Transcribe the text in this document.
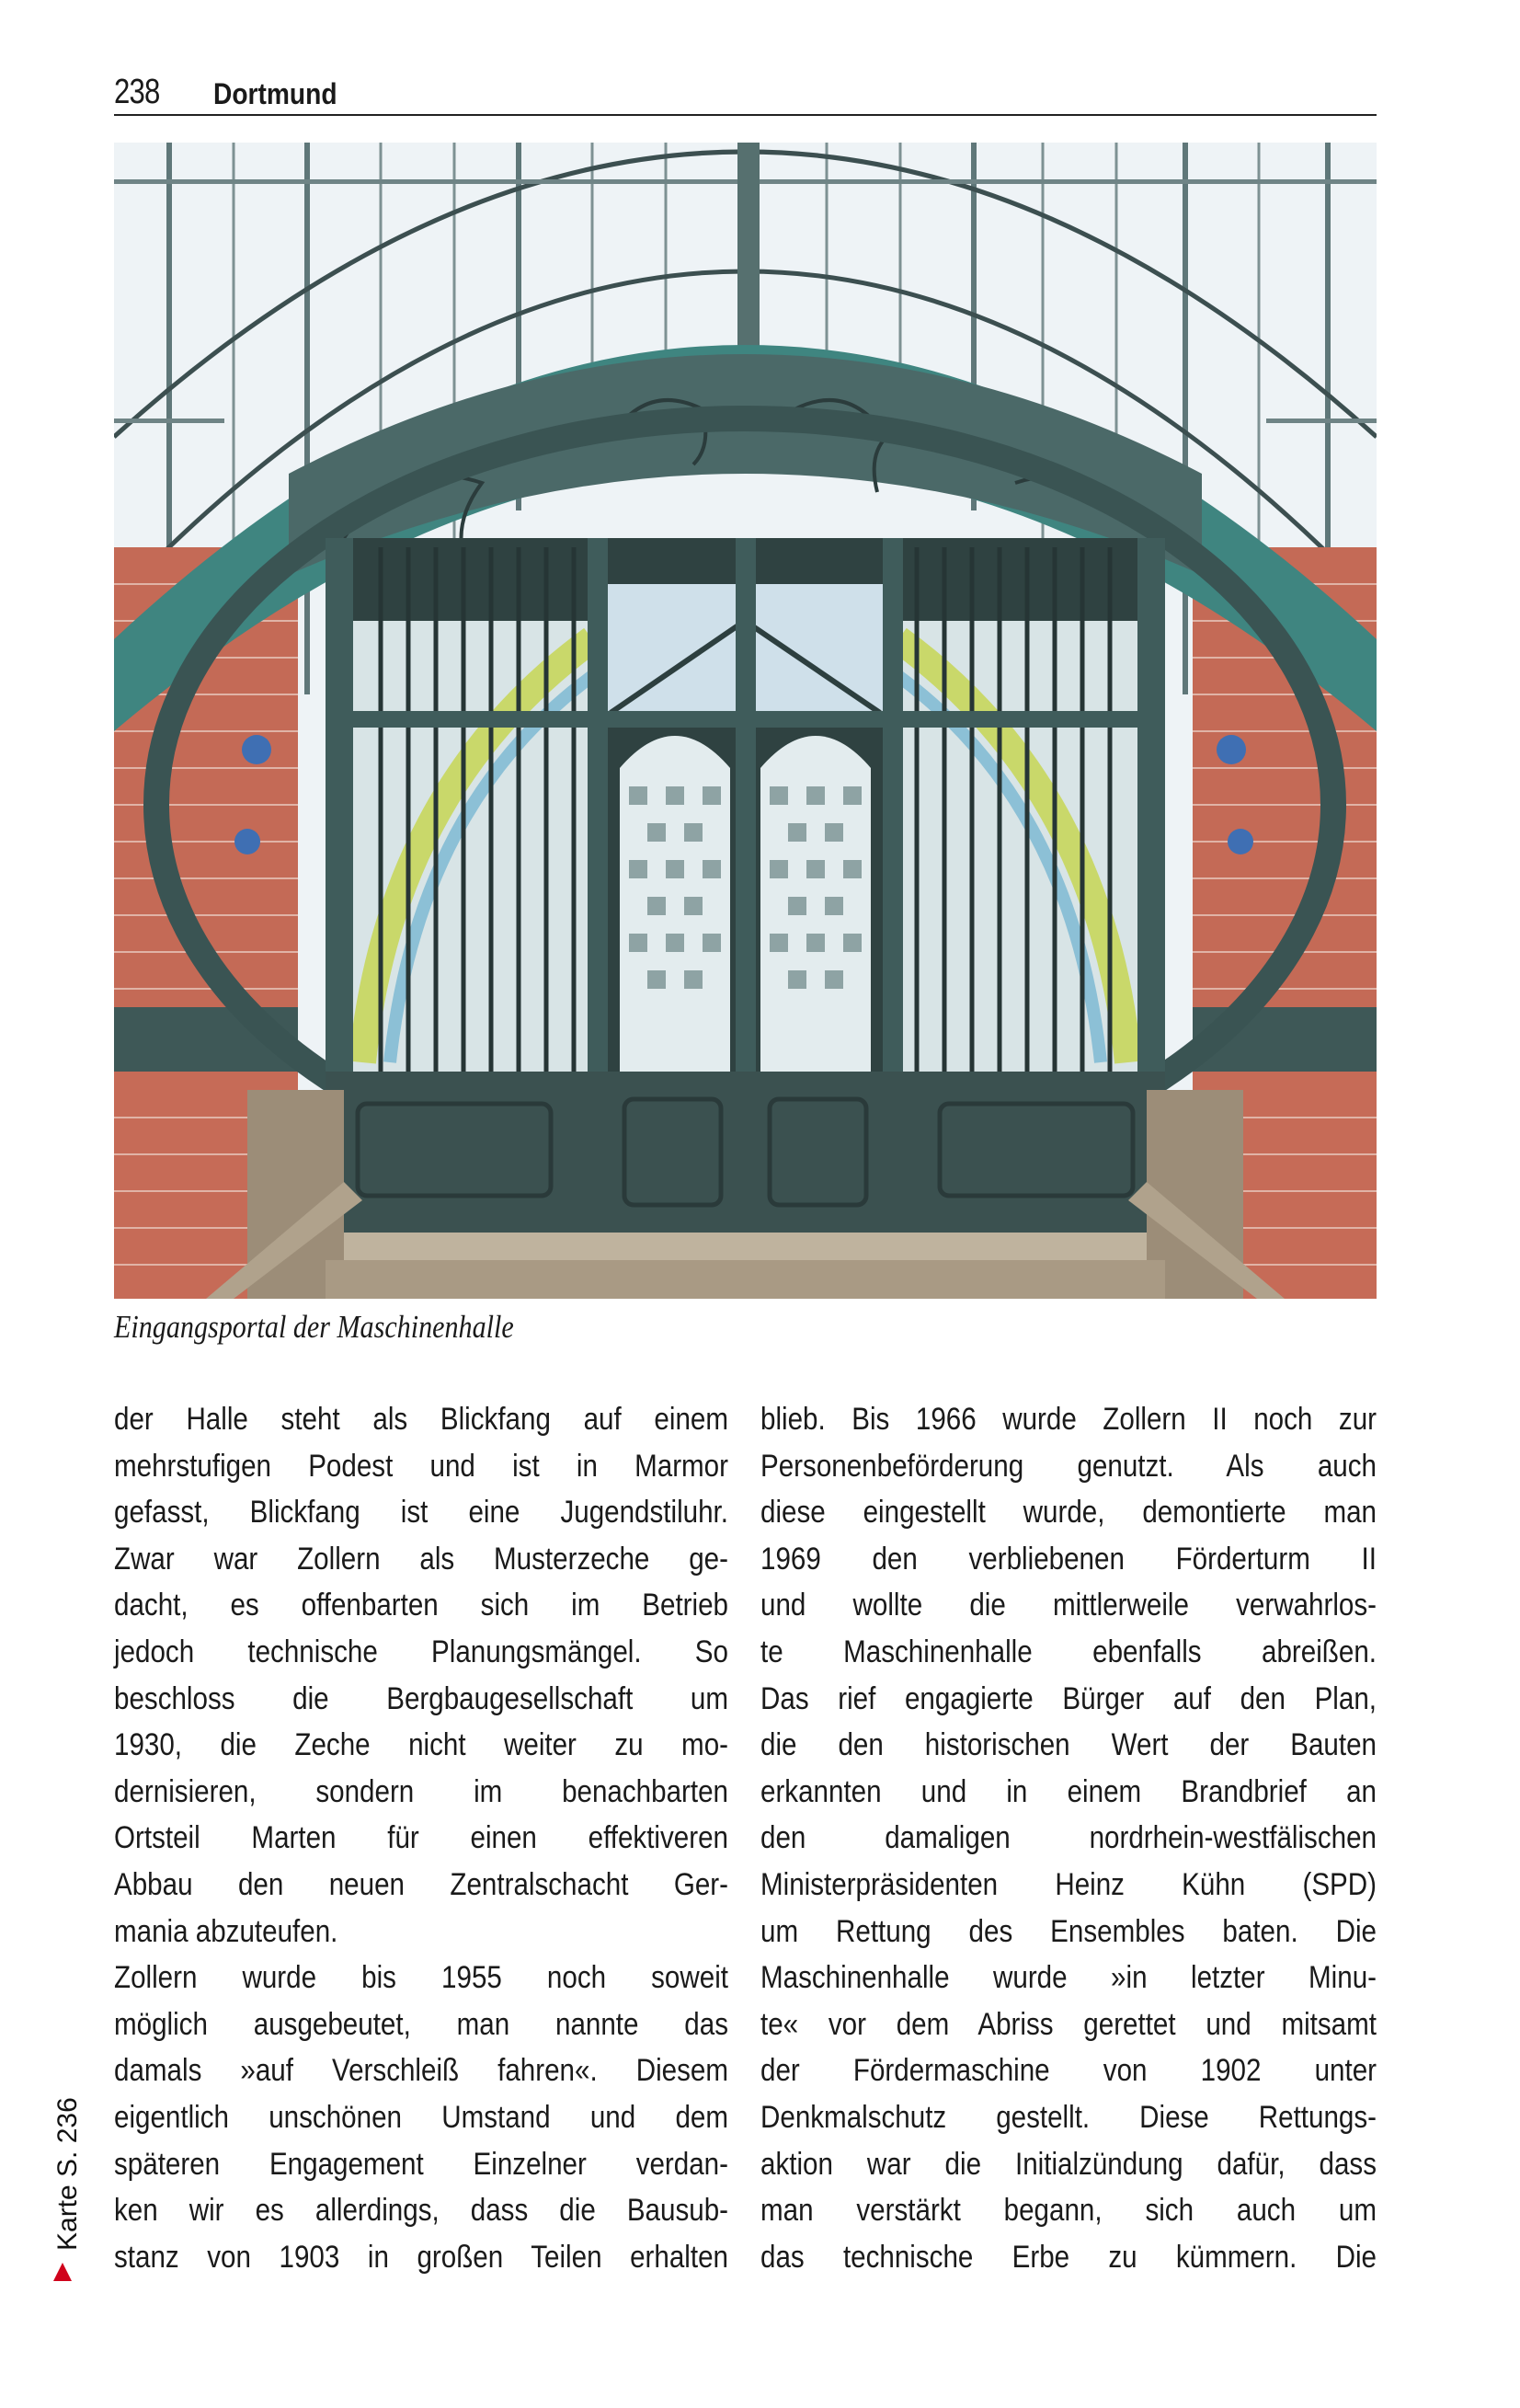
238 Dortmund
Eingangsportal der Maschinenhalle
der Halle steht als Blickfang auf einem
mehrstufigen Podest und ist in Marmor
gefasst, Blickfang ist eine Jugendstiluhr.
Zwar war Zollern als Musterzeche ge-
dacht, es offenbarten sich im Betrieb
jedoch technische Planungsmängel. So
beschloss die Bergbaugesellschaft um
1930, die Zeche nicht weiter zu mo-
dernisieren, sondern im benachbarten
Ortsteil Marten für einen effektiveren
Abbau den neuen Zentralschacht Ger-
mania abzuteufen.
Zollern wurde bis 1955 noch soweit
möglich ausgebeutet, man nannte das
damals »auf Verschleiß fahren«. Diesem
eigentlich unschönen Umstand und dem
späteren Engagement Einzelner verdan-
ken wir es allerdings, dass die Bausub-
stanz von 1903 in großen Teilen erhalten
blieb. Bis 1966 wurde Zollern II noch zur
Personenbeförderung genutzt. Als auch
diese eingestellt wurde, demontierte man
1969 den verbliebenen Förderturm II
und wollte die mittlerweile verwahrlos-
te Maschinenhalle ebenfalls abreißen.
Das rief engagierte Bürger auf den Plan,
die den historischen Wert der Bauten
erkannten und in einem Brandbrief an
den damaligen nordrhein-westfälischen
Ministerpräsidenten Heinz Kühn (SPD)
um Rettung des Ensembles baten. Die
Maschinenhalle wurde »in letzter Minu-
te« vor dem Abriss gerettet und mitsamt
der Fördermaschine von 1902 unter
Denkmalschutz gestellt. Diese Rettungs-
aktion war die Initialzündung dafür, dass
man verstärkt begann, sich auch um
das technische Erbe zu kümmern. Die
Karte S. 236
